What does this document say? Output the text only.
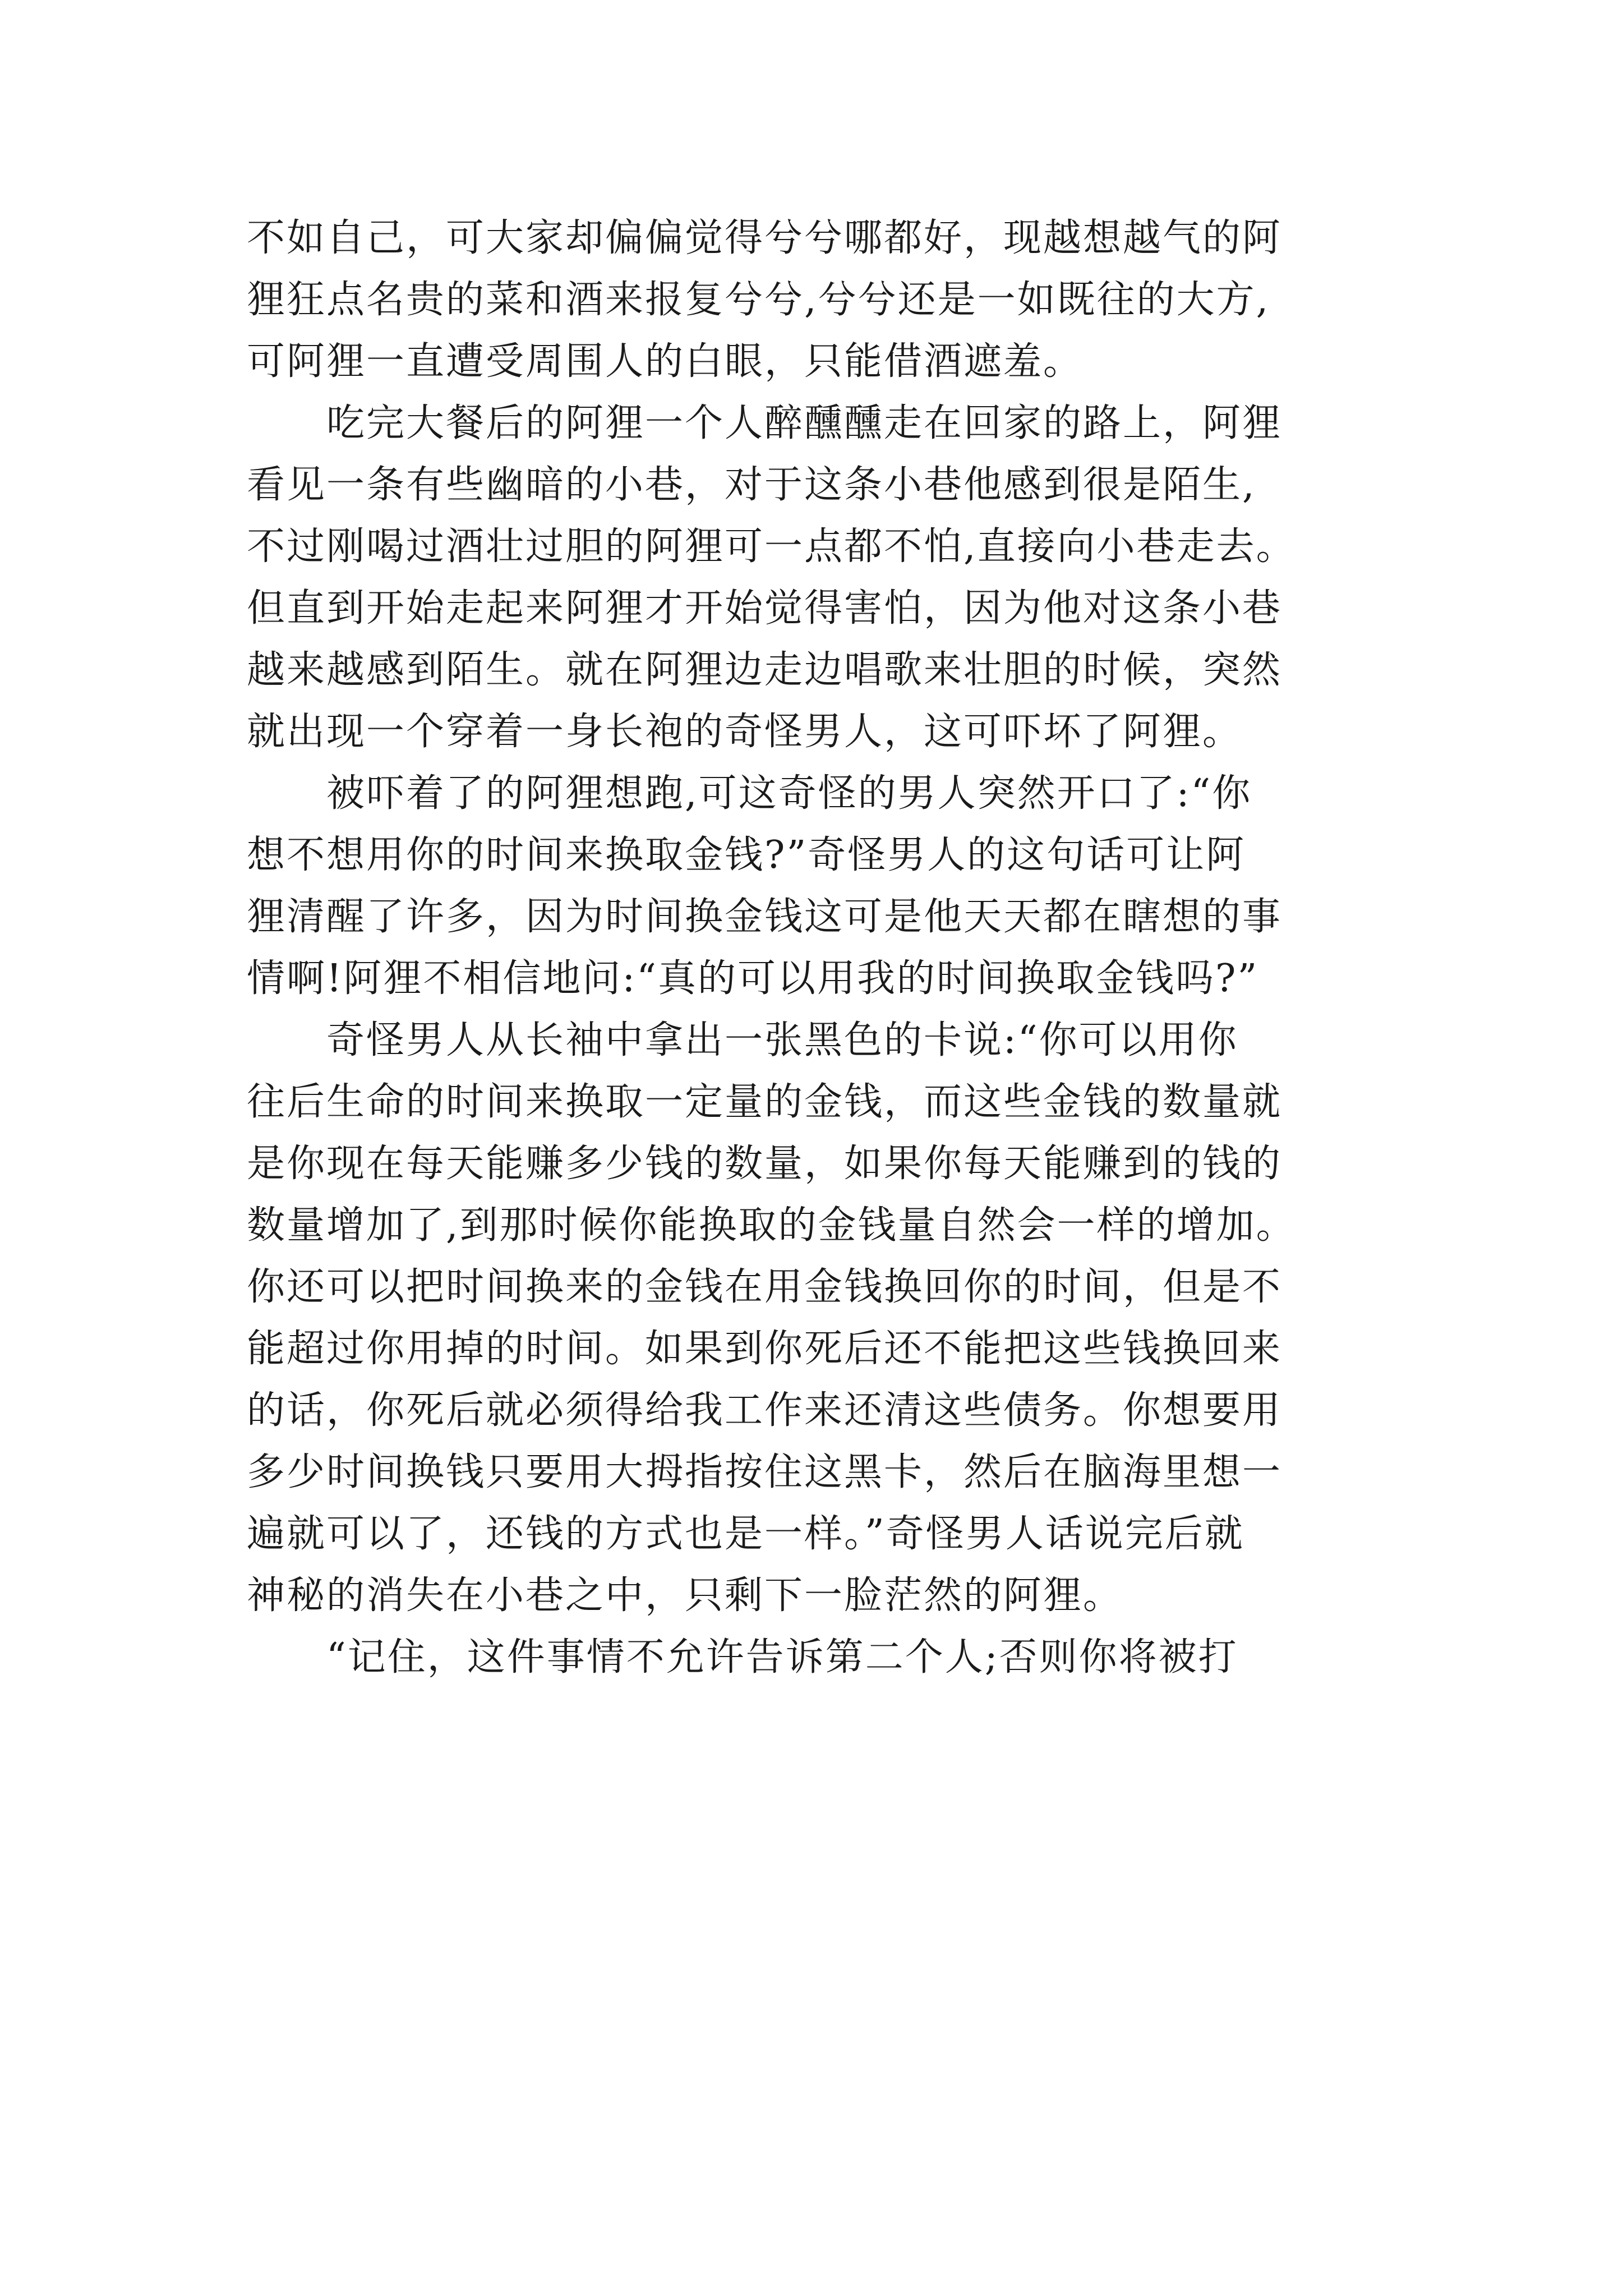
不如自己，可大家却偏偏觉得兮兮哪都好，现越想越气的阿
狸狂点名贵的菜和酒来报复兮兮,兮兮还是一如既往的大方,
可阿狸一直遭受周围人的白眼，只能借酒遮羞。
　　吃完大餐后的阿狸一个人醉醺醺走在回家的路上，阿狸
看见一条有些幽暗的小巷，对于这条小巷他感到很是陌生,
不过刚喝过酒壮过胆的阿狸可一点都不怕,直接向小巷走去。
但直到开始走起来阿狸才开始觉得害怕，因为他对这条小巷
越来越感到陌生。就在阿狸边走边唱歌来壮胆的时候，突然
就出现一个穿着一身长袍的奇怪男人，这可吓坏了阿狸。
　　被吓着了的阿狸想跑,可这奇怪的男人突然开口了:“你
想不想用你的时间来换取金钱?”奇怪男人的这句话可让阿
狸清醒了许多，因为时间换金钱这可是他天天都在瞎想的事
情啊!阿狸不相信地问:“真的可以用我的时间换取金钱吗?”
　　奇怪男人从长袖中拿出一张黑色的卡说:“你可以用你
往后生命的时间来换取一定量的金钱，而这些金钱的数量就
是你现在每天能赚多少钱的数量，如果你每天能赚到的钱的
数量增加了,到那时候你能换取的金钱量自然会一样的增加。
你还可以把时间换来的金钱在用金钱换回你的时间，但是不
能超过你用掉的时间。如果到你死后还不能把这些钱换回来
的话，你死后就必须得给我工作来还清这些债务。你想要用
多少时间换钱只要用大拇指按住这黑卡，然后在脑海里想一
遍就可以了，还钱的方式也是一样。”奇怪男人话说完后就
神秘的消失在小巷之中，只剩下一脸茫然的阿狸。
　　“记住，这件事情不允许告诉第二个人;否则你将被打
